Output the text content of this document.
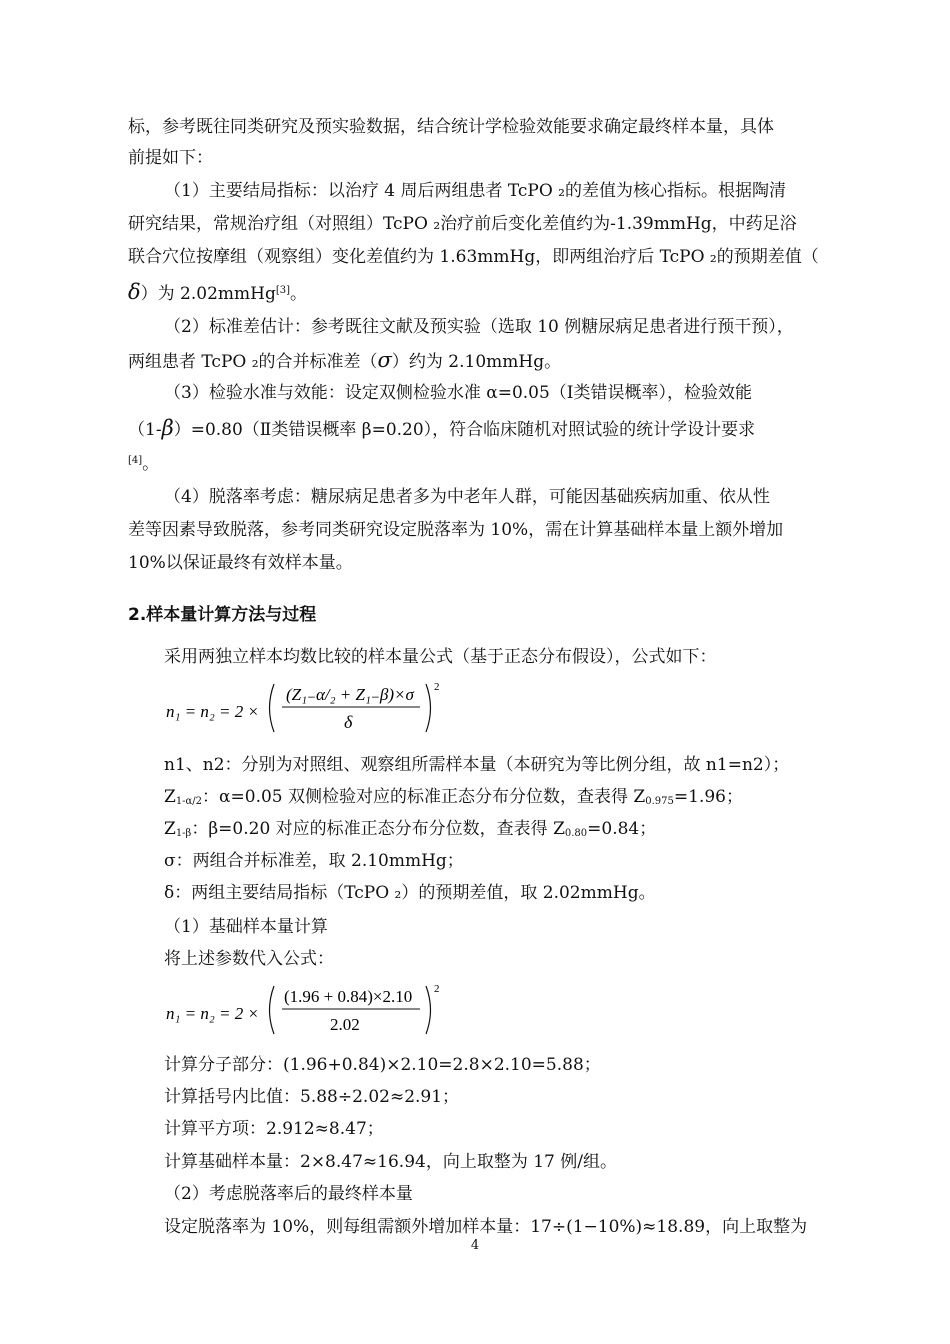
标，参考既往同类研究及预实验数据，结合统计学检验效能要求确定最终样本量，具体
前提如下：
（1）主要结局指标：以治疗 4 周后两组患者 TcPO ₂的差值为核心指标。根据陶清
研究结果，常规治疗组（对照组）TcPO ₂治疗前后变化差值约为-1.39mmHg，中药足浴
联合穴位按摩组（观察组）变化差值约为 1.63mmHg，即两组治疗后 TcPO ₂的预期差值（
δ）为 2.02mmHg[3]。
（2）标准差估计：参考既往文献及预实验（选取 10 例糖尿病足患者进行预干预），
两组患者 TcPO ₂的合并标准差（σ）约为 2.10mmHg。
（3）检验水准与效能：设定双侧检验水准 α=0.05（Ⅰ类错误概率），检验效能
（1-β）=0.80（Ⅱ类错误概率 β=0.20），符合临床随机对照试验的统计学设计要求
[4]。
（4）脱落率考虑：糖尿病足患者多为中老年人群，可能因基础疾病加重、依从性
差等因素导致脱落，参考同类研究设定脱落率为 10%，需在计算基础样本量上额外增加
10%以保证最终有效样本量。
2.样本量计算方法与过程
采用两独立样本均数比较的样本量公式（基于正态分布假设），公式如下：
n₁ = n₂ = 2 ×
(Z₁₋α/₂ + Z₁₋β)×σ
δ
2
n1、n2：分别为对照组、观察组所需样本量（本研究为等比例分组，故 n1=n2）；
$Z_{1-\alpha/2}$：α=0.05 双侧检验对应的标准正态分布分位数，查表得 $Z_{0.975}=1.96$；
$Z_{1-\beta}$：β=0.20 对应的标准正态分布分位数，查表得 $Z_{0.80}=0.84$；
σ：两组合并标准差，取 2.10mmHg；
δ：两组主要结局指标（TcPO ₂）的预期差值，取 2.02mmHg。
（1）基础样本量计算
将上述参数代入公式：
n₁ = n₂ = 2 ×
(1.96 + 0.84)×2.10
2.02
2
计算分子部分：(1.96+0.84)×2.10=2.8×2.10=5.88；
计算括号内比值：5.88÷2.02≈2.91；
计算平方项：2.912≈8.47；
计算基础样本量：2×8.47≈16.94，向上取整为 17 例/组。
（2）考虑脱落率后的最终样本量
设定脱落率为 10%，则每组需额外增加样本量：17÷(1−10%)≈18.89，向上取整为
4
